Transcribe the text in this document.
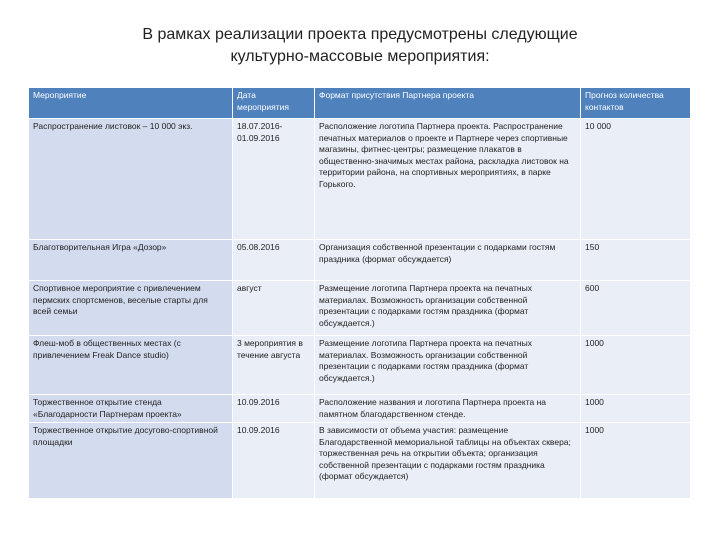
В рамках реализации проекта предусмотрены следующие
культурно-массовые мероприятия:
Мероприятие	Дата мероприятия	Формат присутствия Партнера проекта	Прогноз количества контактов
Распространение листовок – 10 000 экз.	18.07.2016-01.09.2016	Расположение логотипа Партнера проекта. Распространение печатных материалов о проекте и Партнере через спортивные магазины, фитнес-центры; размещение плакатов в общественно-значимых местах района, раскладка листовок на территории района, на спортивных мероприятиях, в парке Горького.	10 000
Благотворительная Игра «Дозор»	05.08.2016	Организация собственной презентации с подарками гостям праздника (формат обсуждается)	150
Спортивное мероприятие с привлечением пермских спортсменов, веселые старты для всей семьи	август	Размещение логотипа Партнера проекта на печатных материалах. Возможность организации собственной презентации с подарками гостям праздника (формат обсуждается.)	600
Флеш-моб в общественных местах (с привлечением Freak Dance studio)	3 мероприятия в течение августа	Размещение логотипа Партнера проекта на печатных материалах. Возможность организации собственной презентации с подарками гостям праздника (формат обсуждается.)	1000
Торжественное открытие стенда «Благодарности Партнерам проекта»	10.09.2016	Расположение названия и логотипа Партнера проекта на памятном благодарственном стенде.	1000
Торжественное открытие досугово-спортивной площадки	10.09.2016	В зависимости от объема участия: размещение Благодарственной мемориальной таблицы на объектах сквера; торжественная речь на открытии объекта; организация собственной презентации с подарками гостям праздника (формат обсуждается)	1000
